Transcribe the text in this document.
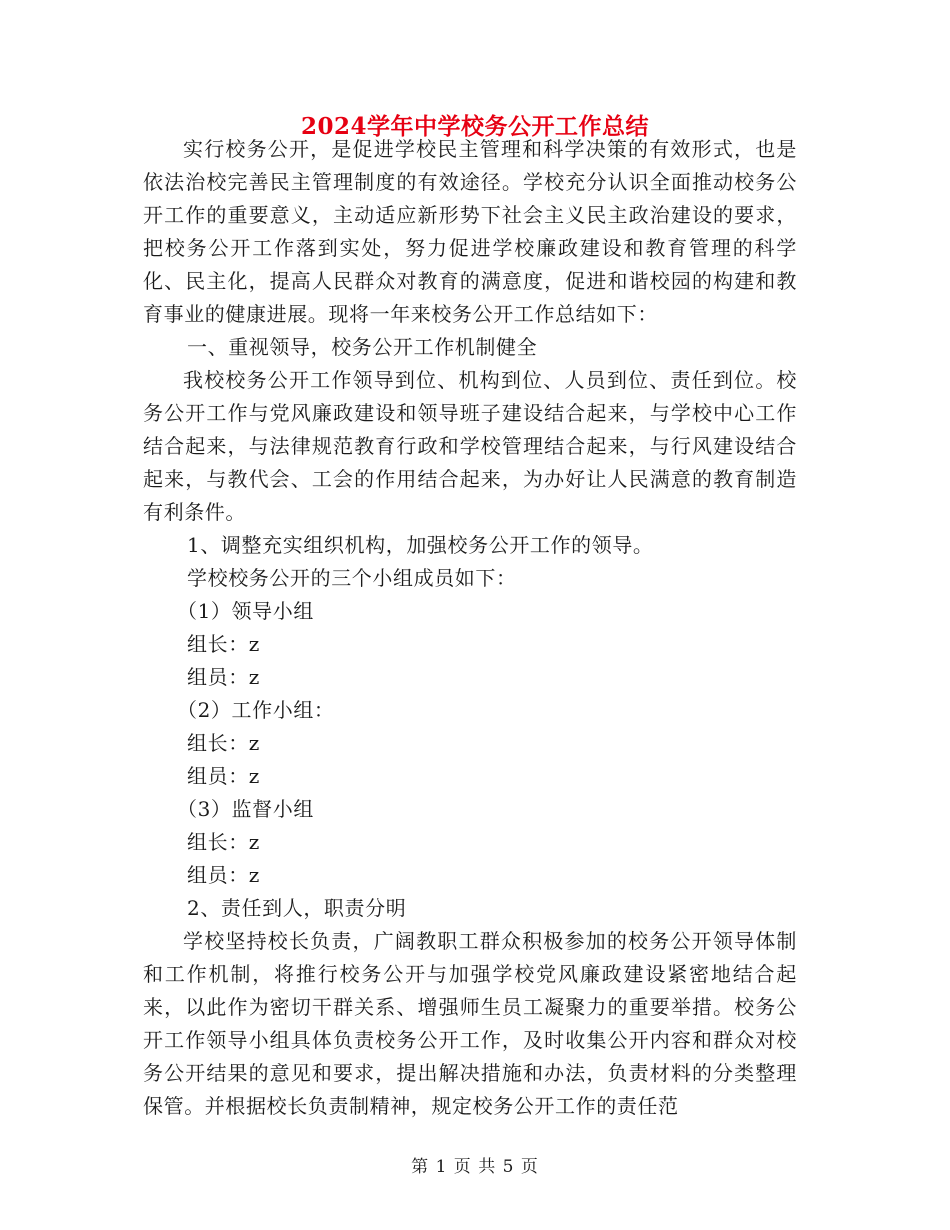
2024学年中学校务公开工作总结

实行校务公开，是促进学校民主管理和科学决策的有效形式，也是依法治校完善民主管理制度的有效途径。学校充分认识全面推动校务公开工作的重要意义，主动适应新形势下社会主义民主政治建设的要求，把校务公开工作落到实处，努力促进学校廉政建设和教育管理的科学化、民主化，提高人民群众对教育的满意度，促进和谐校园的构建和教育事业的健康进展。现将一年来校务公开工作总结如下：

一、重视领导，校务公开工作机制健全

我校校务公开工作领导到位、机构到位、人员到位、责任到位。校务公开工作与党风廉政建设和领导班子建设结合起来，与学校中心工作结合起来，与法律规范教育行政和学校管理结合起来，与行风建设结合起来，与教代会、工会的作用结合起来，为办好让人民满意的教育制造有利条件。

1、调整充实组织机构，加强校务公开工作的领导。

学校校务公开的三个小组成员如下：

（1）领导小组

组长：z

组员：z

（2）工作小组：

组长：z

组员：z

（3）监督小组

组长：z

组员：z

2、责任到人，职责分明

学校坚持校长负责，广阔教职工群众积极参加的校务公开领导体制和工作机制，将推行校务公开与加强学校党风廉政建设紧密地结合起来，以此作为密切干群关系、增强师生员工凝聚力的重要举措。校务公开工作领导小组具体负责校务公开工作，及时收集公开内容和群众对校务公开结果的意见和要求，提出解决措施和办法，负责材料的分类整理保管。并根据校长负责制精神，规定校务公开工作的责任范

第 1 页 共 5 页
